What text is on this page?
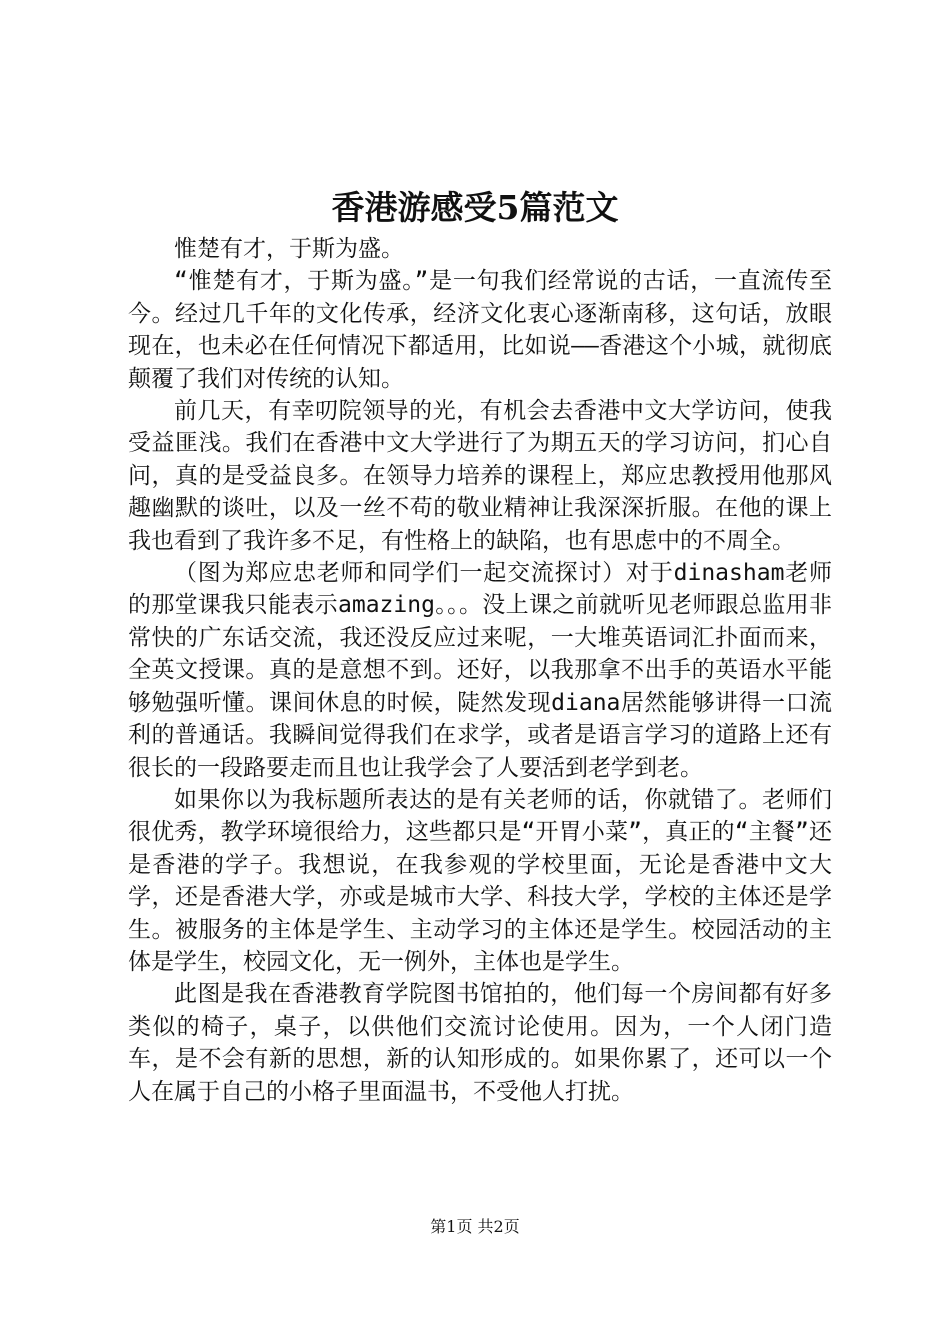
香港游感受5篇范文

惟楚有才，于斯为盛。

“惟楚有才，于斯为盛。”是一句我们经常说的古话，一直流传至今。经过几千年的文化传承，经济文化衷心逐渐南移，这句话，放眼现在，也未必在任何情况下都适用，比如说——香港这个小城，就彻底颠覆了我们对传统的认知。

前几天，有幸叨院领导的光，有机会去香港中文大学访问，使我受益匪浅。我们在香港中文大学进行了为期五天的学习访问，扪心自问，真的是受益良多。在领导力培养的课程上，郑应忠教授用他那风趣幽默的谈吐，以及一丝不苟的敬业精神让我深深折服。在他的课上我也看到了我许多不足，有性格上的缺陷，也有思虑中的不周全。

（图为郑应忠老师和同学们一起交流探讨）对于dinasham老师的那堂课我只能表示amazing。。。没上课之前就听见老师跟总监用非常快的广东话交流，我还没反应过来呢，一大堆英语词汇扑面而来，全英文授课。真的是意想不到。还好，以我那拿不出手的英语水平能够勉强听懂。课间休息的时候，陡然发现diana居然能够讲得一口流利的普通话。我瞬间觉得我们在求学，或者是语言学习的道路上还有很长的一段路要走而且也让我学会了人要活到老学到老。

如果你以为我标题所表达的是有关老师的话，你就错了。老师们很优秀，教学环境很给力，这些都只是“开胃小菜”，真正的“主餐”还是香港的学子。我想说，在我参观的学校里面，无论是香港中文大学，还是香港大学，亦或是城市大学、科技大学，学校的主体还是学生。被服务的主体是学生、主动学习的主体还是学生。校园活动的主体是学生，校园文化，无一例外，主体也是学生。

此图是我在香港教育学院图书馆拍的，他们每一个房间都有好多类似的椅子，桌子，以供他们交流讨论使用。因为，一个人闭门造车，是不会有新的思想，新的认知形成的。如果你累了，还可以一个人在属于自己的小格子里面温书，不受他人打扰。

第1页 共2页
